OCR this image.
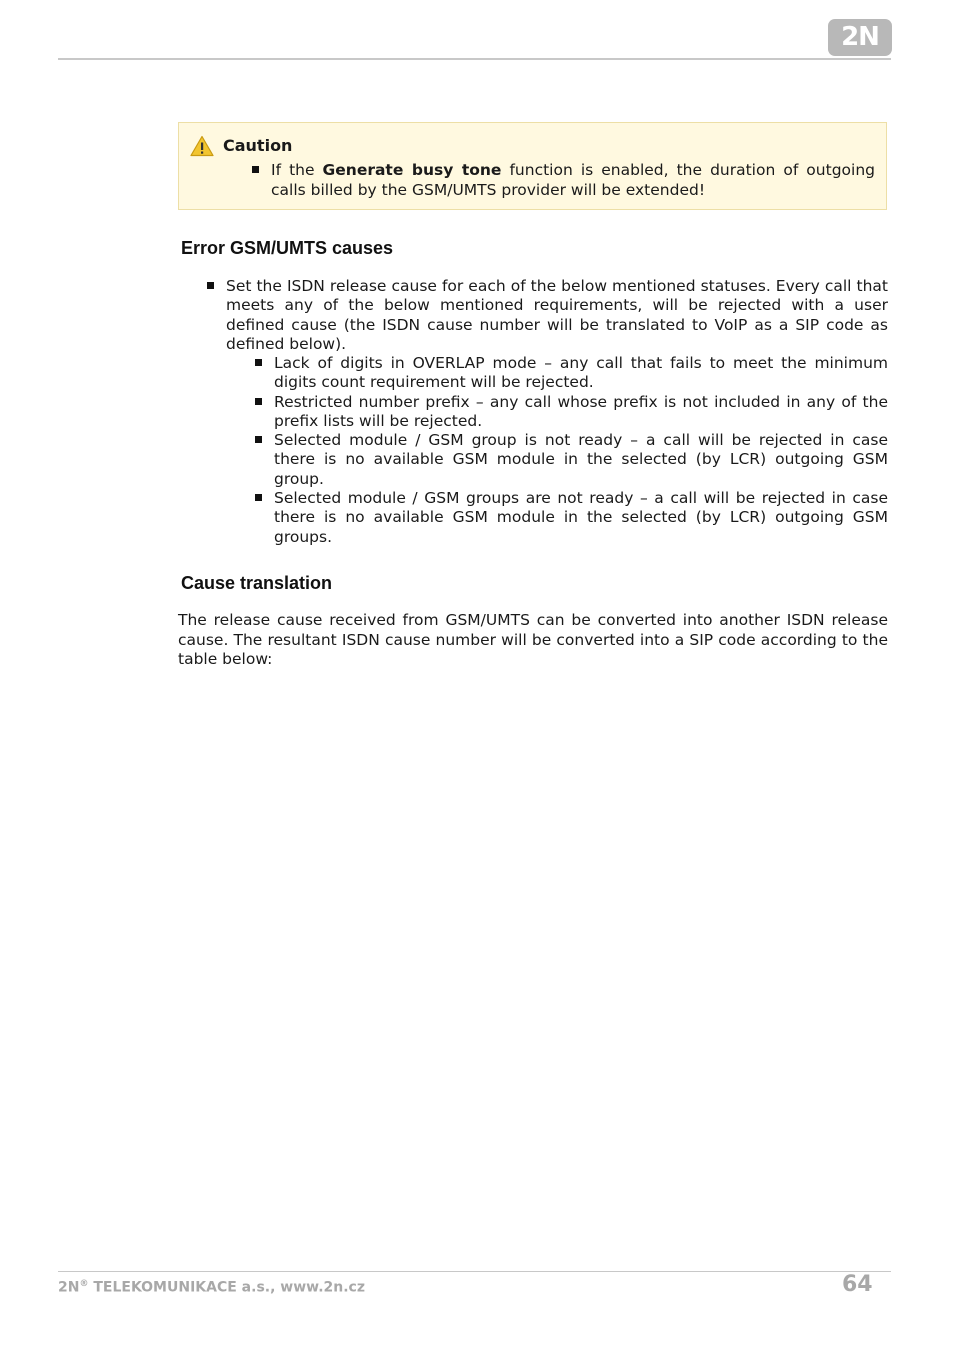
2N
Caution
If the Generate busy tone function is enabled, the duration of outgoing calls billed by the GSM/UMTS provider will be extended!
Error GSM/UMTS causes
Set the ISDN release cause for each of the below mentioned statuses. Every call that meets any of the below mentioned requirements, will be rejected with a user defined cause (the ISDN cause number will be translated to VoIP as a SIP code as defined below).
Lack of digits in OVERLAP mode – any call that fails to meet the minimum digits count requirement will be rejected.
Restricted number prefix – any call whose prefix is not included in any of the prefix lists will be rejected.
Selected module / GSM group is not ready – a call will be rejected in case there is no available GSM module in the selected (by LCR) outgoing GSM group.
Selected module / GSM groups are not ready – a call will be rejected in case there is no available GSM module in the selected (by LCR) outgoing GSM groups.
Cause translation
The release cause received from GSM/UMTS can be converted into another ISDN release cause. The resultant ISDN cause number will be converted into a SIP code according to the table below:
2N® TELEKOMUNIKACE a.s., www.2n.cz	64
